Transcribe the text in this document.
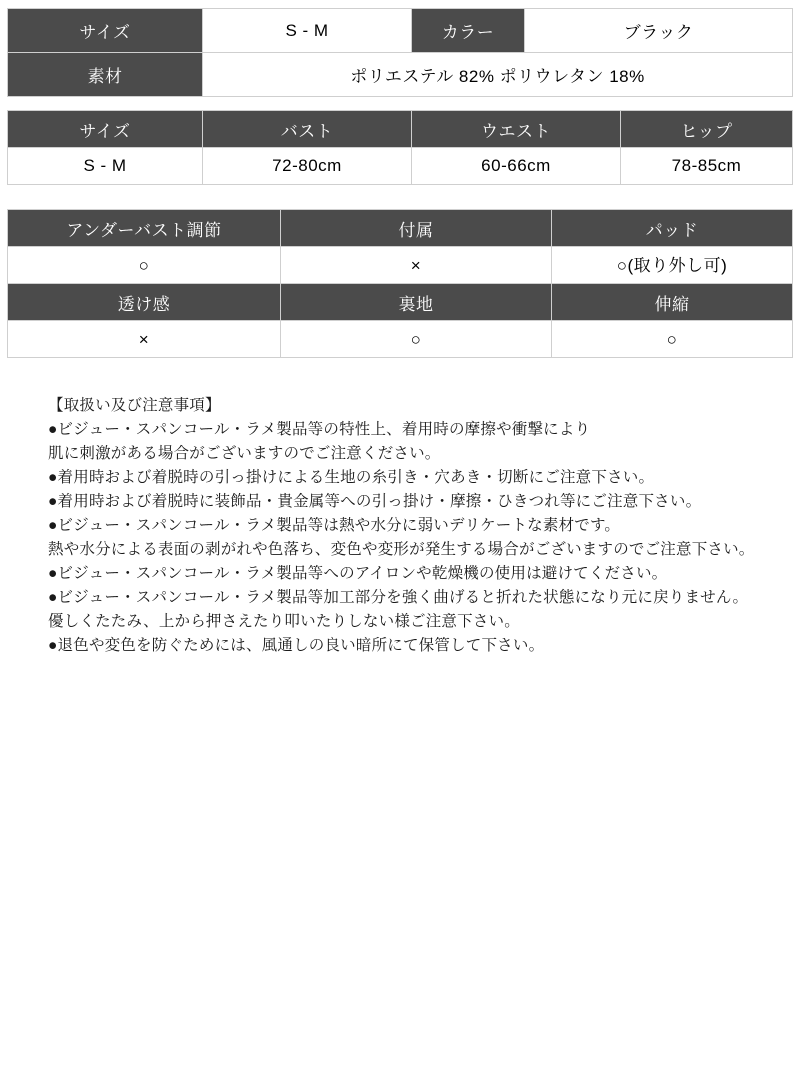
サイズ	S - M	カラー	ブラック
素材	ポリエステル 82% ポリウレタン 18%		
サイズ	バスト	ウエスト	ヒップ
S - M	72-80cm	60-66cm	78-85cm
アンダーバスト調節	付属	パッド
○	×	○(取り外し可)
透け感	裏地	伸縮
×	○	○
【取扱い及び注意事項】
●ビジュー・スパンコール・ラメ製品等の特性上、着用時の摩擦や衝撃により
肌に刺激がある場合がございますのでご注意ください。
●着用時および着脱時の引っ掛けによる生地の糸引き・穴あき・切断にご注意下さい。
●着用時および着脱時に装飾品・貴金属等への引っ掛け・摩擦・ひきつれ等にご注意下さい。
●ビジュー・スパンコール・ラメ製品等は熱や水分に弱いデリケートな素材です。
熱や水分による表面の剥がれや色落ち、変色や変形が発生する場合がございますのでご注意下さい。
●ビジュー・スパンコール・ラメ製品等へのアイロンや乾燥機の使用は避けてください。
●ビジュー・スパンコール・ラメ製品等加工部分を強く曲げると折れた状態になり元に戻りません。
優しくたたみ、上から押さえたり叩いたりしない様ご注意下さい。
●退色や変色を防ぐためには、風通しの良い暗所にて保管して下さい。
